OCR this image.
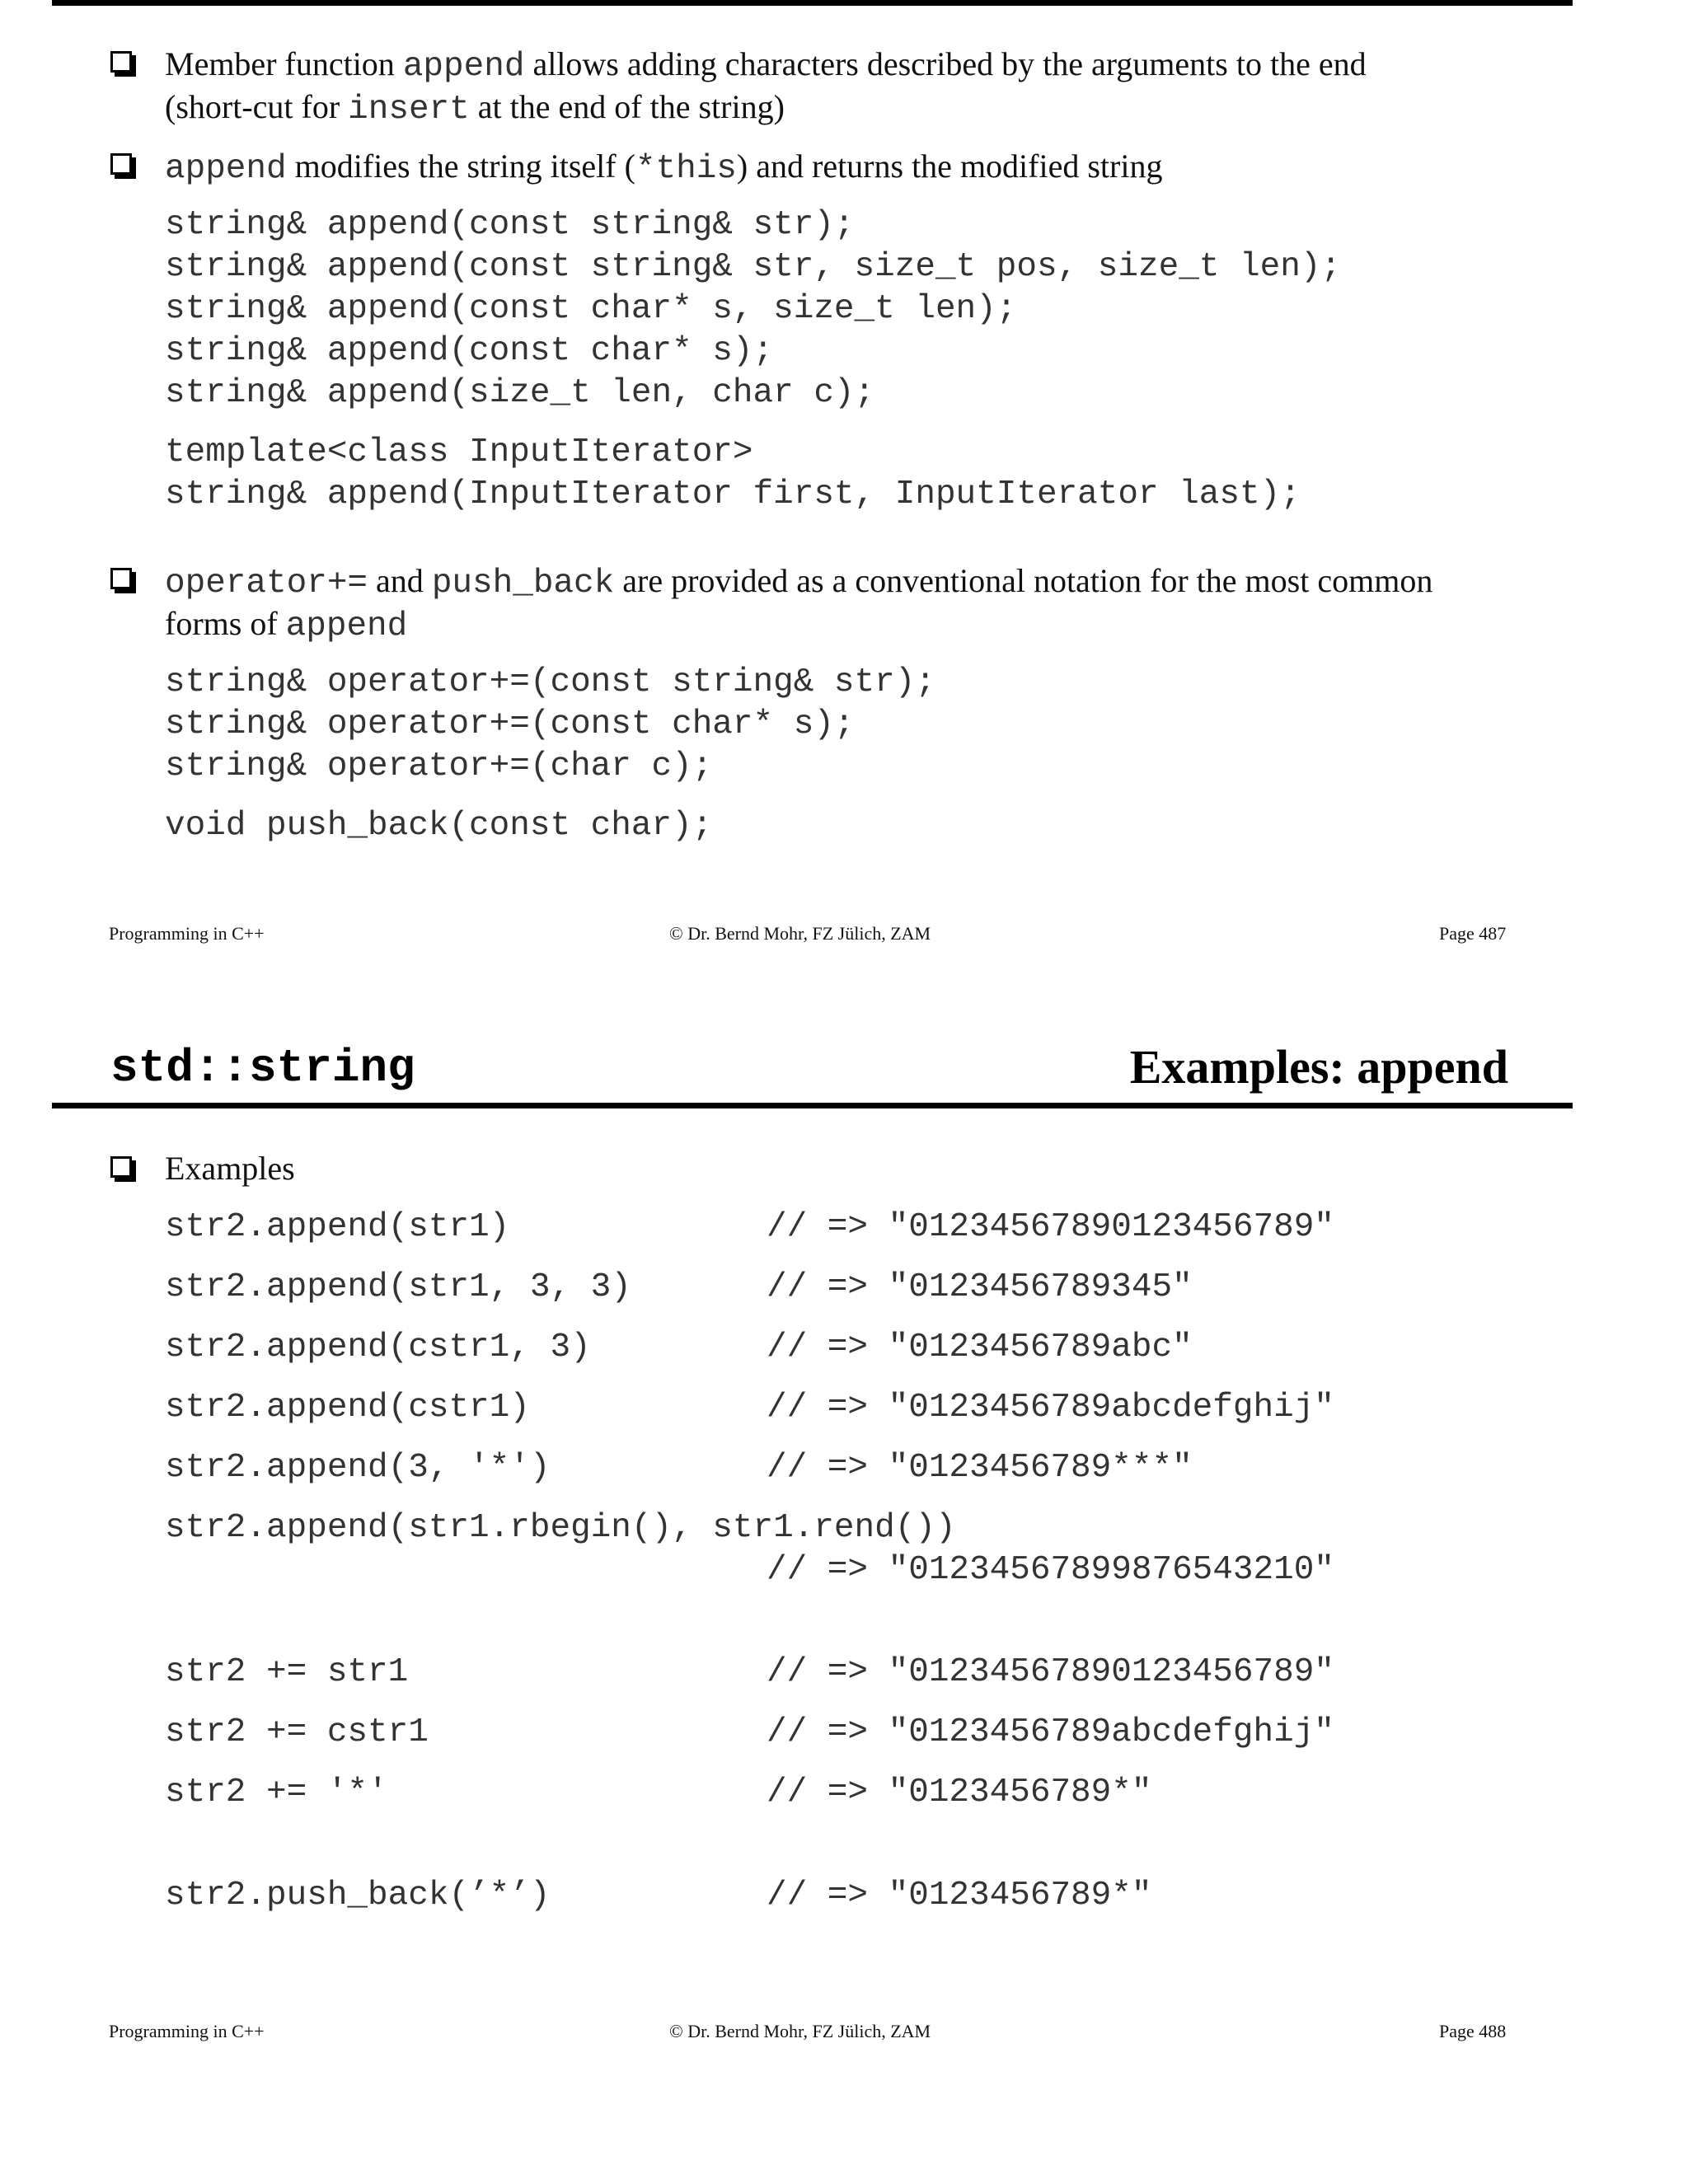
Member function append allows adding characters described by the arguments to the end
(short-cut for insert at the end of the string)
append modifies the string itself (*this) and returns the modified string
string& append(const string& str);
string& append(const string& str, size_t pos, size_t len);
string& append(const char* s, size_t len);
string& append(const char* s);
string& append(size_t len, char c);
template<class InputIterator>
string& append(InputIterator first, InputIterator last);
operator+= and push_back are provided as a conventional notation for the most common
forms of append
string& operator+=(const string& str);
string& operator+=(const char* s);
string& operator+=(char c);
void push_back(const char);
Programming in C++	© Dr. Bernd Mohr, FZ Jülich, ZAM	Page 487
std::string	Examples: append
Examples
str2.append(str1)	// => "01234567890123456789"
str2.append(str1, 3, 3)	// => "0123456789345"
str2.append(cstr1, 3)	// => "0123456789abc"
str2.append(cstr1)	// => "0123456789abcdefghij"
str2.append(3, '*')	// => "0123456789***"
str2.append(str1.rbegin(), str1.rend())
// => "01234567899876543210"
str2 += str1	// => "01234567890123456789"
str2 += cstr1	// => "0123456789abcdefghij"
str2 += '*'	// => "0123456789*"
str2.push_back(’*’)	// => "0123456789*"
Programming in C++	© Dr. Bernd Mohr, FZ Jülich, ZAM	Page 488
